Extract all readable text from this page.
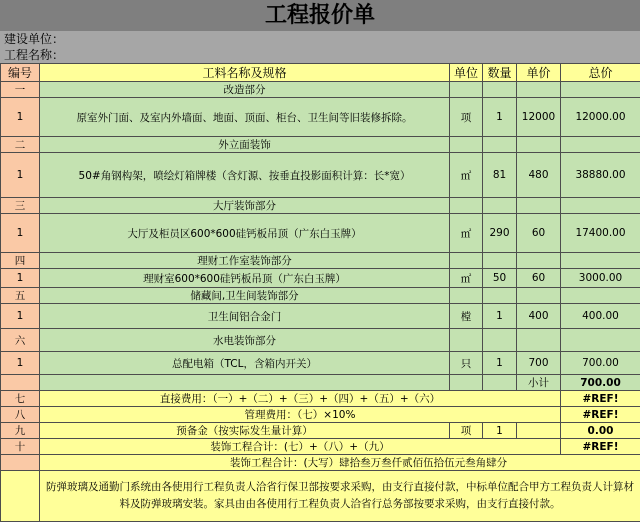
工程报价单
建设单位：
工程名称：
编号	工料名称及规格	单位	数量	单价	总价
一	改造部分				
1	原室外门面、及室内外墙面、地面、顶面、柜台、卫生间等旧装修拆除。	项	1	12000	12000.00
二	外立面装饰				
1	50#角钢构架，喷绘灯箱牌楼（含灯源、按垂直投影面积计算：长*宽）	㎡	81	480	38880.00
三	大厅装饰部分				
1	大厅及柜员区600*600硅钙板吊顶（广东白玉牌）	㎡	290	60	17400.00
四	理财工作室装饰部分				
1	理财室600*600硅钙板吊顶（广东白玉牌）	㎡	50	60	3000.00
五	储藏间,卫生间装饰部分				
1	卫生间铝合金门	樘	1	400	400.00
六	水电装饰部分				
1	总配电箱（TCL，含箱内开关）	只	1	700	700.00
				小计	700.00
七	直接费用：（一）+（二）+（三）+（四）+（五）+（六）				#REF!
八	管理费用：（七）×10%				#REF!
九	预备金（按实际发生量计算）	项	1		0.00
十	装饰工程合计：(七）+（八）+（九）				#REF!
	装饰工程合计：(大写）肆拾叁万叁仟贰佰伍拾伍元叁角肆分				
	防弹玻璃及通勤门系统由各使用行工程负责人洽省行保卫部按要求采购，由支行直接付款，中标单位配合甲方工程负责人计算材料及防弹玻璃安装。家具由由各使用行工程负责人洽省行总务部按要求采购，由支行直接付款。				
